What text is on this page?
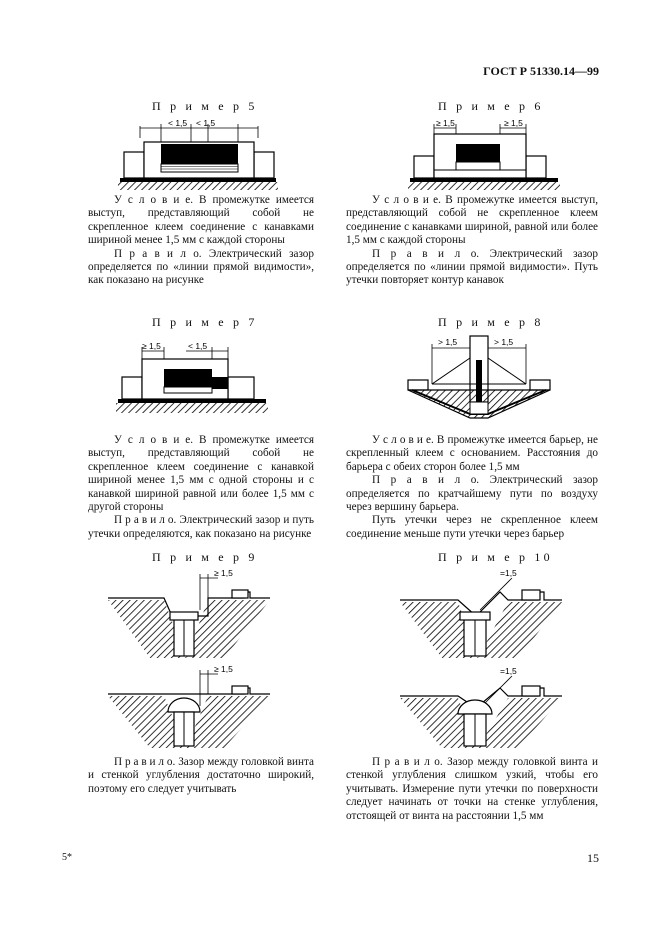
ГОСТ Р 51330.14—99
П р и м е р 5
< 1,5 < 1,5

У с л о в и е. В промежутке имеется выступ, представляющий собой не скрепленное клеем соединение с канавками шириной менее 1,5 мм с каждой стороны

П р а в и л о. Электрический зазор определяется по «линии прямой видимости», как показано на рисунке

П р и м е р 6
≥ 1,5	≥ 1,5

У с л о в и е. В промежутке имеется выступ, представляющий собой не скрепленное клеем соединение с канавками шириной, равной или более 1,5 мм с каждой стороны

П р а в и л о. Электрический зазор определяется по «линии прямой видимости». Путь утечки повторяет контур канавок

П р и м е р 7
≥ 1,5	< 1,5

У с л о в и е. В промежутке имеется выступ, представляющий собой не скрепленное клеем соединение с канавкой шириной менее 1,5 мм с одной стороны и с канавкой шириной равной или более 1,5 мм с другой стороны

П р а в и л о. Электрический зазор и путь утечки определяются, как показано на рисунке

П р и м е р 8
> 1,5	> 1,5

У с л о в и е. В промежутке имеется барьер, не скрепленный клеем с основанием. Расстояния до барьера с обеих сторон более 1,5 мм

П р а в и л о. Электрический зазор определяется по кратчайшему пути по воздуху через вершину барьера.

Путь утечки через не скрепленное клеем соединение меньше пути утечки через барьер

П р и м е р 9
≥ 1,5
≥ 1,5

П р а в и л о. Зазор между головкой винта и стенкой углубления достаточно широкий, поэтому его следует учитывать

П р и м е р 10
=1,5
=1,5

П р а в и л о. Зазор между головкой винта и стенкой углубления слишком узкий, чтобы его учитывать. Измерение пути утечки по поверхности следует начинать от точки на стенке углубления, отстоящей от винта на расстоянии 1,5 мм

5*	15
